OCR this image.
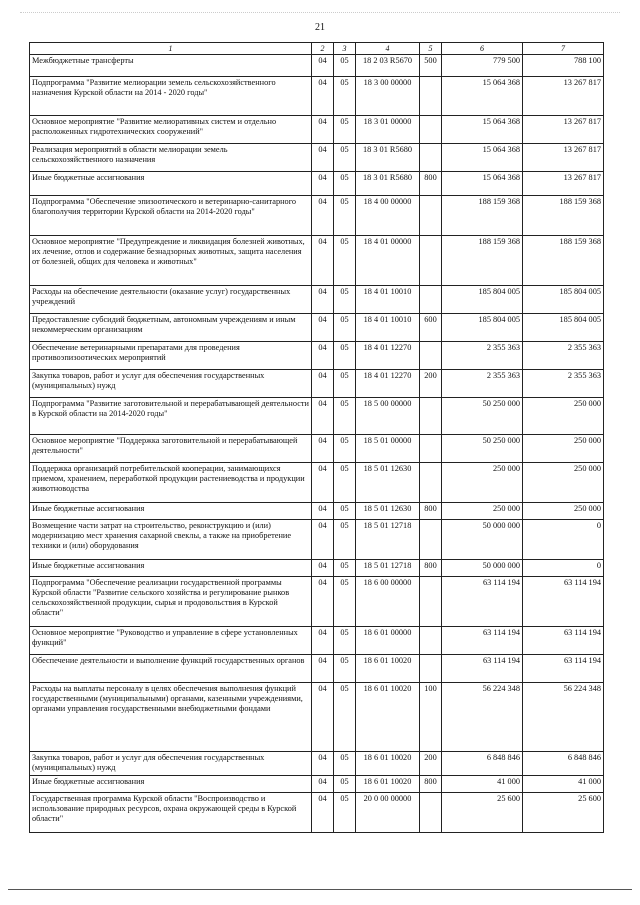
21
1	2	3	4	5	6	7
Межбюджетные трансферты	04	05	18 2 03 R5670	500	779 500	788 100
Подпрограмма "Развитие мелиорации земель сельскохозяйственного назначения Курской области на 2014 - 2020 годы"	04	05	18 3 00 00000		15 064 368	13 267 817
Основное мероприятие "Развитие мелиоративных систем и отдельно расположенных гидротехнических сооружений"	04	05	18 3 01 00000		15 064 368	13 267 817
Реализация мероприятий в области мелиорации земель сельскохозяйственного назначения	04	05	18 3 01 R5680		15 064 368	13 267 817
Иные бюджетные ассигнования	04	05	18 3 01 R5680	800	15 064 368	13 267 817
Подпрограмма "Обеспечение эпизоотического и ветеринарно-санитарного благополучия территории Курской области на 2014-2020 годы"	04	05	18 4 00 00000		188 159 368	188 159 368
Основное мероприятие "Предупреждение и ликвидация болезней животных, их лечение, отлов и содержание безнадзорных животных, защита населения от болезней, общих для человека и животных"	04	05	18 4 01 00000		188 159 368	188 159 368
Расходы на обеспечение деятельности (оказание услуг) государственных учреждений	04	05	18 4 01 10010		185 804 005	185 804 005
Предоставление субсидий бюджетным, автономным учреждениям и иным некоммерческим организациям	04	05	18 4 01 10010	600	185 804 005	185 804 005
Обеспечение ветеринарными препаратами для проведения противоэпизоотических мероприятий	04	05	18 4 01 12270		2 355 363	2 355 363
Закупка товаров, работ и услуг для обеспечения государственных (муниципальных) нужд	04	05	18 4 01 12270	200	2 355 363	2 355 363
Подпрограмма "Развитие заготовительной и перерабатывающей деятельности в Курской области на 2014-2020 годы"	04	05	18 5 00 00000		50 250 000	250 000
Основное мероприятие "Поддержка заготовительной и перерабатывающей деятельности"	04	05	18 5 01 00000		50 250 000	250 000
Поддержка организаций потребительской кооперации, занимающихся приемом, хранением, переработкой продукции растениеводства и продукции животноводства	04	05	18 5 01 12630		250 000	250 000
Иные бюджетные ассигнования	04	05	18 5 01 12630	800	250 000	250 000
Возмещение части затрат на строительство, реконструкцию и (или) модернизацию мест хранения сахарной свеклы, а также на приобретение техники и (или) оборудования	04	05	18 5 01 12718		50 000 000	0
Иные бюджетные ассигнования	04	05	18 5 01 12718	800	50 000 000	0
Подпрограмма "Обеспечение реализации государственной программы Курской области "Развитие сельского хозяйства и регулирование рынков сельскохозяйственной продукции, сырья и продовольствия в Курской области"	04	05	18 6 00 00000		63 114 194	63 114 194
Основное мероприятие "Руководство и управление в сфере установленных функций"	04	05	18 6 01 00000		63 114 194	63 114 194
Обеспечение деятельности и выполнение функций государственных органов	04	05	18 6 01 10020		63 114 194	63 114 194
Расходы на выплаты персоналу в целях обеспечения выполнения функций государственными (муниципальными) органами, казенными учреждениями, органами управления государственными внебюджетными фондами	04	05	18 6 01 10020	100	56 224 348	56 224 348
Закупка товаров, работ и услуг для обеспечения государственных (муниципальных) нужд	04	05	18 6 01 10020	200	6 848 846	6 848 846
Иные бюджетные ассигнования	04	05	18 6 01 10020	800	41 000	41 000
Государственная программа Курской области "Воспроизводство и использование природных ресурсов, охрана окружающей среды в Курской области"	04	05	20 0 00 00000		25 600	25 600
